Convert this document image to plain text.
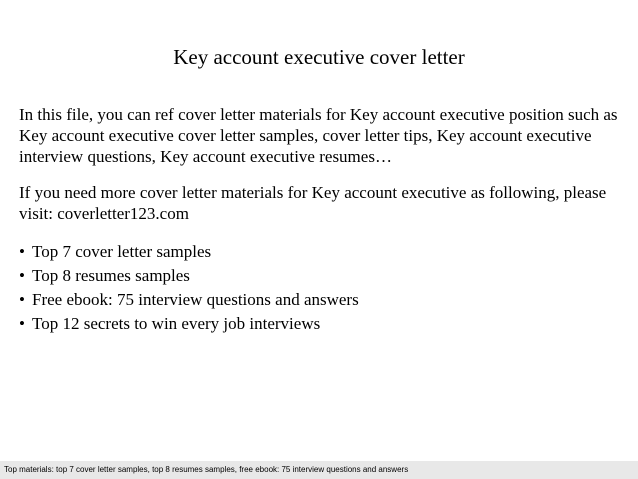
Key account executive cover letter

In this file, you can ref cover letter materials for Key account executive position such as Key account executive cover letter samples, cover letter tips, Key account executive interview questions, Key account executive resumes…

If you need more cover letter materials for Key account executive as following, please visit: coverletter123.com

• Top 7 cover letter samples
• Top 8 resumes samples
• Free ebook: 75 interview questions and answers
• Top 12 secrets to win every job interviews
Top materials: top 7 cover letter samples, top 8 resumes samples, free ebook: 75 interview questions and answers
